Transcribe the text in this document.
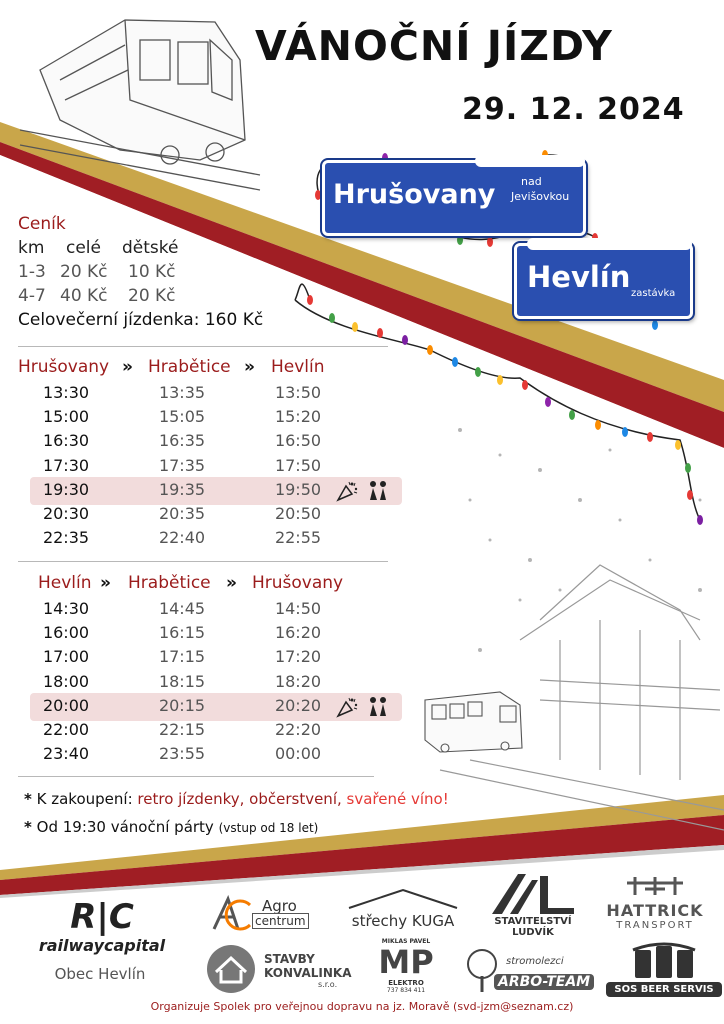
VÁNOČNÍ JÍZDY
29. 12. 2024
Hrušovany nad
Jevišovkou
Hevlín zastávka
Ceník
km celé dětské
1-3 20 Kč 10 Kč
4-7 40 Kč 20 Kč
Celovečerní jízdenka: 160 Kč
Hrušovany » Hrabětice » Hevlín
13:30	13:35	13:50
15:00	15:05	15:20
16:30	16:35	16:50
17:30	17:35	17:50
19:30	19:35	19:50
20:30	20:35	20:50
22:35	22:40	22:55
Hevlín » Hrabětice » Hrušovany
14:30	14:45	14:50
16:00	16:15	16:20
17:00	17:15	17:20
18:00	18:15	18:20
20:00	20:15	20:20
22:00	22:15	22:20
23:40	23:55	00:00
* K zakoupení: retro jízdenky, občerstvení, svařené víno!
* Od 19:30 vánoční párty (vstup od 18 let)
R|C
railwaycapital
Obec Hevlín
Agro
centrum	střechy KUGA	STAVITELSTVÍ
LUDVÍK
HATTRICK
TRANSPORT
STAVBY
KONVALINKA
s.r.o.
MIKLAS PAVEL
MP
ELEKTRO
737 834 411
stromolezci
ARBO-TEAM	SOS BEER SERVIS
Organizuje Spolek pro veřejnou dopravu na jz. Moravě (svd-jzm@seznam.cz)
